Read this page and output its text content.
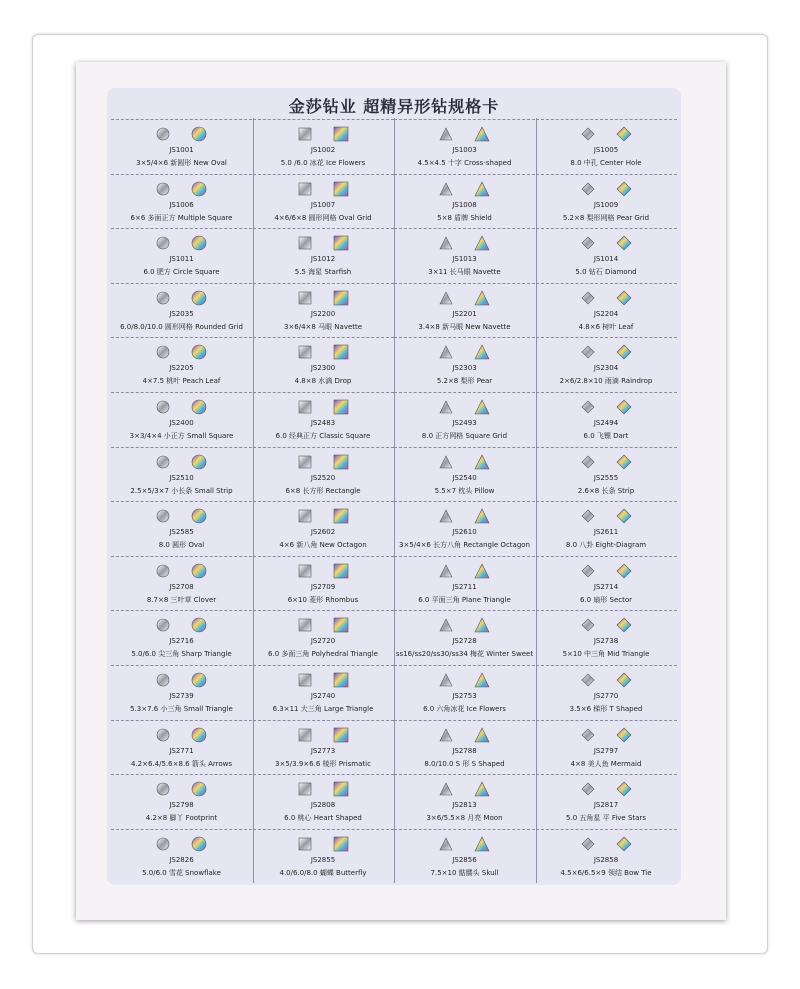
金莎钻业 超精异形钻规格卡
JS1001
3×5/4×6 新圆形 New Oval
JS1002
5.0 /6.0 冰花 Ice Flowers
JS1003
4.5×4.5 十字 Cross-shaped
JS1005
8.0 中孔 Center Hole
JS1006
6×6 多面正方 Multiple Square
JS1007
4×6/6×8 圆形网格 Oval Grid
JS1008
5×8 盾牌 Shield
JS1009
5.2×8 梨形网格 Pear Grid
JS1011
6.0 肥方 Circle Square
JS1012
5.5 海星 Starfish
JS1013
3×11 长马眼 Navette
JS1014
5.0 钻石 Diamond
JS2035
6.0/8.0/10.0 圆形网格 Rounded Grid
JS2200
3×6/4×8 马眼 Navette
JS2201
3.4×8 新马眼 New Navette
JS2204
4.8×6 树叶 Leaf
JS2205
4×7.5 桃叶 Peach Leaf
JS2300
4.8×8 水滴 Drop
JS2303
5.2×8 梨形 Pear
JS2304
2×6/2.8×10 雨滴 Raindrop
JS2400
3×3/4×4 小正方 Small Square
JS2483
6.0 经典正方 Classic Square
JS2493
8.0 正方网格 Square Grid
JS2494
6.0 飞镖 Dart
JS2510
2.5×5/3×7 小长条 Small Strip
JS2520
6×8 长方形 Rectangle
JS2540
5.5×7 枕头 Pillow
JS2555
2.6×8 长条 Strip
JS2585
8.0 圆形 Oval
JS2602
4×6 新八角 New Octagon
JS2610
3×5/4×6 长方八角 Rectangle Octagon
JS2611
8.0 八卦 Eight-Diagram
JS2708
8.7×8 三叶草 Clover
JS2709
6×10 菱形 Rhombus
JS2711
6.0 平面三角 Plane Triangle
JS2714
6.0 扇形 Sector
JS2716
5.0/6.0 尖三角 Sharp Triangle
JS2720
6.0 多面三角 Polyhedral Triangle
JS2728
ss16/ss20/ss30/ss34 梅花 Winter Sweet
JS2738
5×10 中三角 Mid Triangle
JS2739
5.3×7.6 小三角 Small Triangle
JS2740
6.3×11 大三角 Large Triangle
JS2753
6.0 六角冰花 Ice Flowers
JS2770
3.5×6 梯形 T Shaped
JS2771
4.2×6.4/5.6×8.6 箭头 Arrows
JS2773
3×5/3.9×6.6 棱形 Prismatic
JS2788
8.0/10.0 S 形 S Shaped
JS2797
4×8 美人鱼 Mermaid
JS2798
4.2×8 脚丫 Footprint
JS2808
6.0 桃心 Heart Shaped
JS2813
3×6/5.5×8 月亮 Moon
JS2817
5.0 五角星 平 Five Stars
JS2826
5.0/6.0 雪花 Snowflake
JS2855
4.0/6.0/8.0 蝴蝶 Butterfly
JS2856
7.5×10 骷髅头 Skull
JS2858
4.5×6/6.5×9 领结 Bow Tie
